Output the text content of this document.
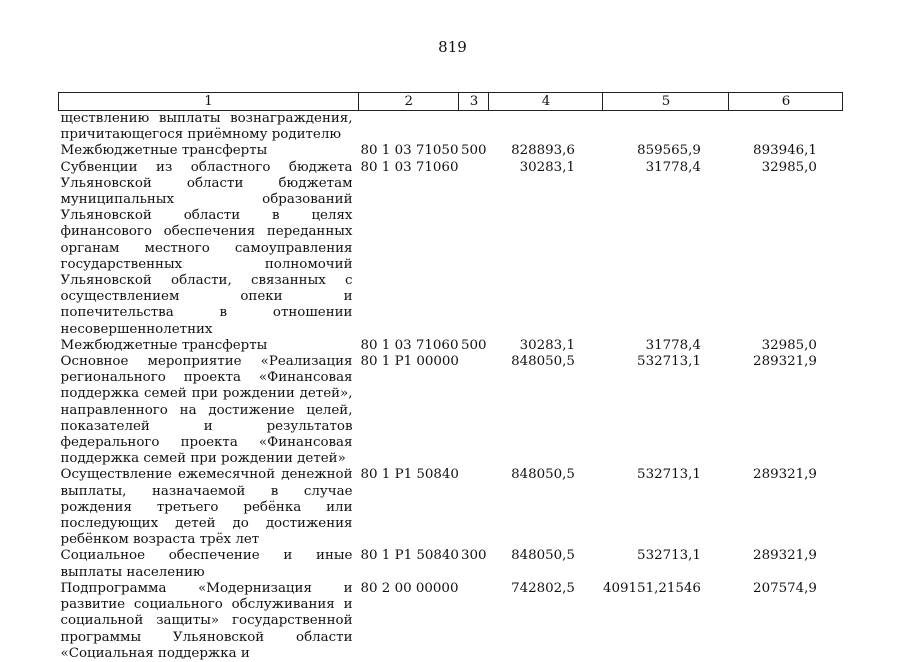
819
1	2	3	4	5	6
ществлению выплаты вознаграждения, причитающегося приёмному родителю					
Межбюджетные трансферты	80 1 03 71050	500	828893,6	859565,9	893946,1
Субвенции из областного бюджета Ульяновской области бюджетам муниципальных образований Ульяновской области в целях финансового обеспечения переданных органам местного самоуправления государственных полномочий Ульяновской области, связанных с осуществлением опеки и попечительства в отношении несовершеннолетних	80 1 03 71060		30283,1	31778,4	32985,0
Межбюджетные трансферты	80 1 03 71060	500	30283,1	31778,4	32985,0
Основное мероприятие «Реализация регионального проекта «Финансовая поддержка семей при рождении детей», направленного на достижение целей, показателей и результатов федерального проекта «Финансовая поддержка семей при рождении детей»	80 1 P1 00000		848050,5	532713,1	289321,9
Осуществление ежемесячной денежной выплаты, назначаемой в случае рождения третьего ребёнка или последующих детей до достижения ребёнком возраста трёх лет	80 1 P1 50840		848050,5	532713,1	289321,9
Социальное обеспечение и иные выплаты населению	80 1 P1 50840	300	848050,5	532713,1	289321,9
Подпрограмма «Модернизация и развитие социального обслуживания и социальной защиты» государственной программы Ульяновской области «Социальная поддержка и	80 2 00 00000		742802,5	409151,21546	207574,9
